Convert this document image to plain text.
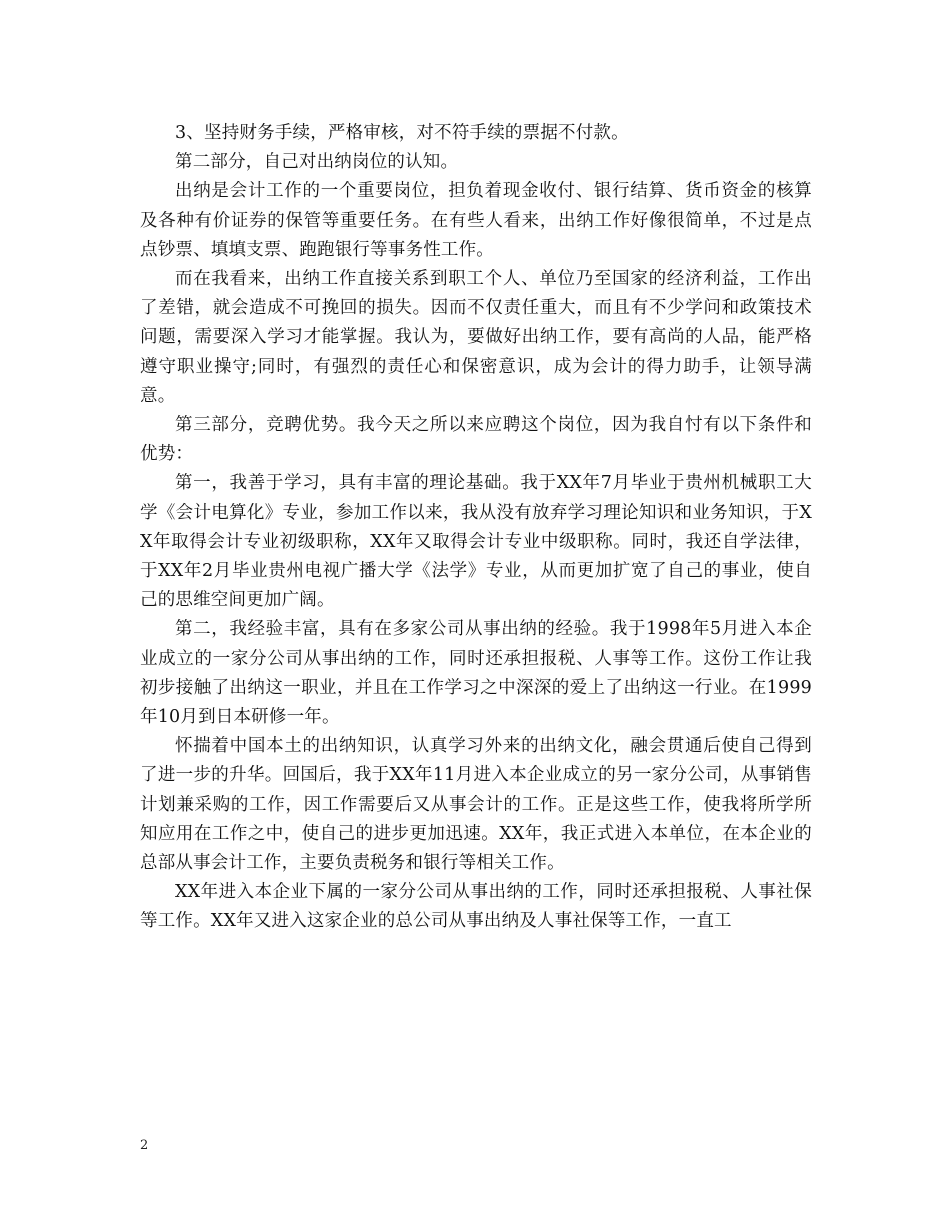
3、坚持财务手续，严格审核，对不符手续的票据不付款。

第二部分，自己对出纳岗位的认知。

出纳是会计工作的一个重要岗位，担负着现金收付、银行结算、货币资金的核算及各种有价证券的保管等重要任务。在有些人看来，出纳工作好像很简单，不过是点点钞票、填填支票、跑跑银行等事务性工作。

而在我看来，出纳工作直接关系到职工个人、单位乃至国家的经济利益，工作出了差错，就会造成不可挽回的损失。因而不仅责任重大，而且有不少学问和政策技术问题，需要深入学习才能掌握。我认为，要做好出纳工作，要有高尚的人品，能严格遵守职业操守;同时，有强烈的责任心和保密意识，成为会计的得力助手，让领导满意。

第三部分，竞聘优势。我今天之所以来应聘这个岗位，因为我自忖有以下条件和优势：

第一，我善于学习，具有丰富的理论基础。我于XX年7月毕业于贵州机械职工大学《会计电算化》专业，参加工作以来，我从没有放弃学习理论知识和业务知识，于XX年取得会计专业初级职称，XX年又取得会计专业中级职称。同时，我还自学法律，于XX年2月毕业贵州电视广播大学《法学》专业，从而更加扩宽了自己的事业，使自己的思维空间更加广阔。

第二，我经验丰富，具有在多家公司从事出纳的经验。我于1998年5月进入本企业成立的一家分公司从事出纳的工作，同时还承担报税、人事等工作。这份工作让我初步接触了出纳这一职业，并且在工作学习之中深深的爱上了出纳这一行业。在1999年10月到日本研修一年。

怀揣着中国本土的出纳知识，认真学习外来的出纳文化，融会贯通后使自己得到了进一步的升华。回国后，我于XX年11月进入本企业成立的另一家分公司，从事销售计划兼采购的工作，因工作需要后又从事会计的工作。正是这些工作，使我将所学所知应用在工作之中，使自己的进步更加迅速。XX年，我正式进入本单位，在本企业的总部从事会计工作，主要负责税务和银行等相关工作。

XX年进入本企业下属的一家分公司从事出纳的工作，同时还承担报税、人事社保等工作。XX年又进入这家企业的总公司从事出纳及人事社保等工作，一直工

2
